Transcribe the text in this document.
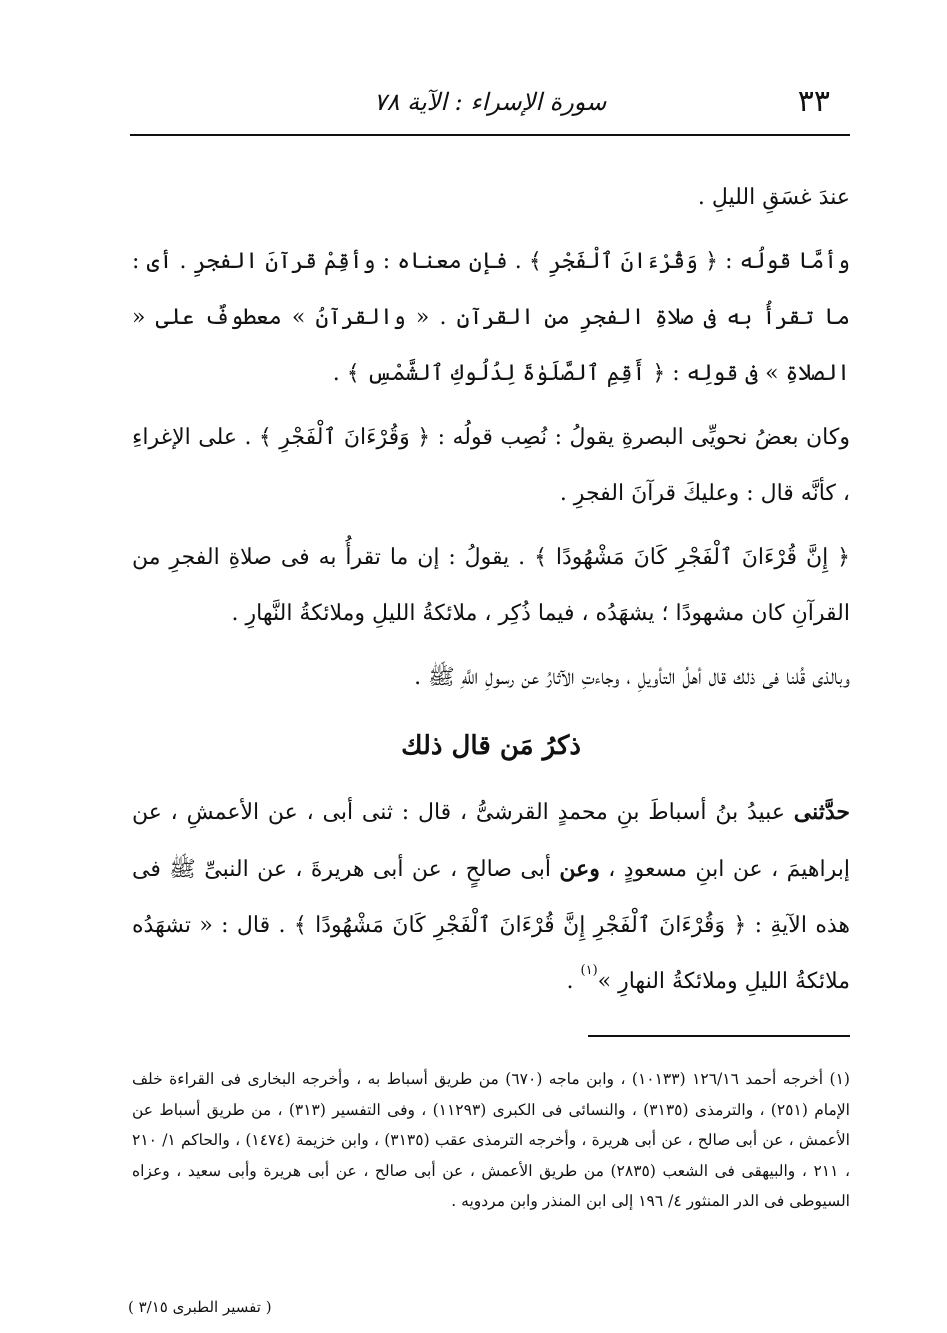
٣٣
سورة الإسراء : الآية ٧٨

عندَ غسَقِ الليلِ .

وأمَّا قولُه : ﴿ وَقُرْءَانَ ٱلْفَجْرِ ﴾ . فإن معناه : وأقِمْ قرآنَ الفجرِ . أى : ما تقرأُ به فى صلاةِ الفجرِ من القرآنِ . « والقرآنُ » معطوفٌ على « الصلاةِ » فى قولِه : ﴿ أَقِمِ ٱلصَّلَوٰةَ لِدُلُوكِ ٱلشَّمْسِ ﴾ .

وكان بعضُ نحويِّى البصرةِ يقولُ : نُصِب قولُه : ﴿ وَقُرْءَانَ ٱلْفَجْرِ ﴾ . على الإغراءِ ، كأنَّه قال : وعليكَ قرآنَ الفجرِ .

﴿ إِنَّ قُرْءَانَ ٱلْفَجْرِ كَانَ مَشْهُودًا ﴾ . يقولُ : إن ما تقرأُ به فى صلاةِ الفجرِ من القرآنِ كان مشهودًا ؛ يشهَدُه ، فيما ذُكِر ، ملائكةُ الليلِ وملائكةُ النَّهارِ .

وبالذى قُلنا فى ذلك قال أهلُ التأويلِ ، وجاءتِ الآثارُ عن رسولِ اللَّهِ ﷺ .

ذكرُ مَن قال ذلك

حدَّثنى عبيدُ بنُ أسباطَ بنِ محمدٍ القرشىُّ ، قال : ثنى أبى ، عن الأعمشِ ، عن إبراهيمَ ، عن ابنِ مسعودٍ ، وعن أبى صالحٍ ، عن أبى هريرةَ ، عن النبىِّ ﷺ فى هذه الآيةِ : ﴿ وَقُرْءَانَ ٱلْفَجْرِ إِنَّ قُرْءَانَ ٱلْفَجْرِ كَانَ مَشْهُودًا ﴾ . قال : « تشهَدُه ملائكةُ الليلِ وملائكةُ النهارِ »$^{(١)}$ .

(١) أخرجه أحمد ١٢٦/١٦ (١٠١٣٣) ، وابن ماجه (٦٧٠) من طريق أسباط به ، وأخرجه البخارى فى القراءة خلف الإمام (٢٥١) ، والترمذى (٣١٣٥) ، والنسائى فى الكبرى (١١٢٩٣) ، وفى التفسير (٣١٣) ، من طريق أسباط عن الأعمش ، عن أبى صالح ، عن أبى هريرة ، وأخرجه الترمذى عقب (٣١٣٥) ، وابن خزيمة (١٤٧٤) ، والحاكم ١/ ٢١٠ ، ٢١١ ، والبيهقى فى الشعب (٢٨٣٥) من طريق الأعمش ، عن أبى صالح ، عن أبى هريرة وأبى سعيد ، وعزاه السيوطى فى الدر المنثور ٤/ ١٩٦ إلى ابن المنذر وابن مردويه .

( تفسير الطبرى ٣/١٥ )
